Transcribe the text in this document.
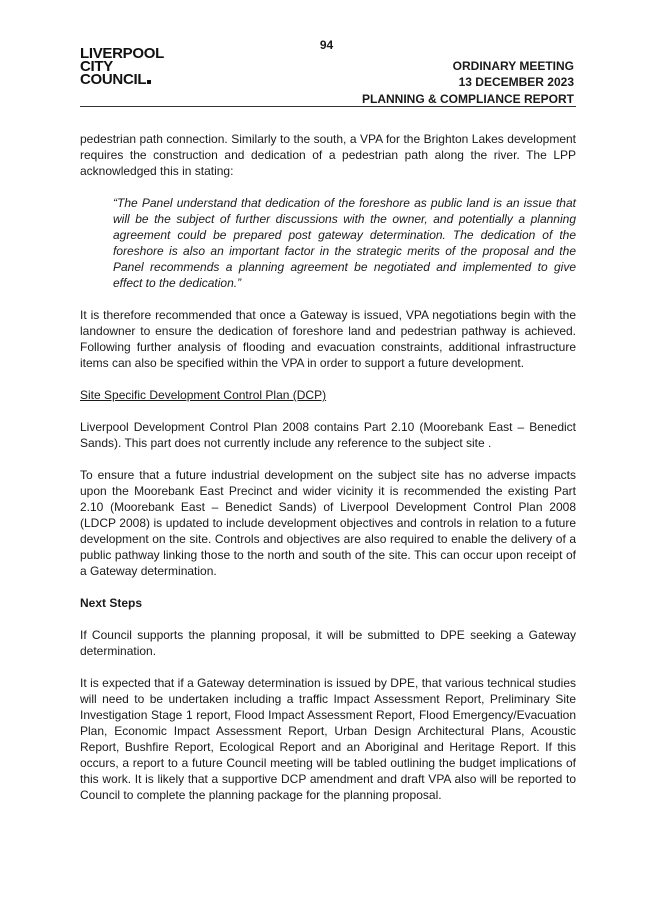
94
LIVERPOOL
CITY
COUNCIL
ORDINARY MEETING
13 DECEMBER 2023
PLANNING & COMPLIANCE REPORT

pedestrian path connection. Similarly to the south, a VPA for the Brighton Lakes development requires the construction and dedication of a pedestrian path along the river. The LPP acknowledged this in stating:

“The Panel understand that dedication of the foreshore as public land is an issue that will be the subject of further discussions with the owner, and potentially a planning agreement could be prepared post gateway determination. The dedication of the foreshore is also an important factor in the strategic merits of the proposal and the Panel recommends a planning agreement be negotiated and implemented to give effect to the dedication.”

It is therefore recommended that once a Gateway is issued, VPA negotiations begin with the landowner to ensure the dedication of foreshore land and pedestrian pathway is achieved. Following further analysis of flooding and evacuation constraints, additional infrastructure items can also be specified within the VPA in order to support a future development.

Site Specific Development Control Plan (DCP)

Liverpool Development Control Plan 2008 contains Part 2.10 (Moorebank East – Benedict Sands). This part does not currently include any reference to the subject site .

To ensure that a future industrial development on the subject site has no adverse impacts upon the Moorebank East Precinct and wider vicinity it is recommended the existing Part 2.10 (Moorebank East – Benedict Sands) of Liverpool Development Control Plan 2008 (LDCP 2008) is updated to include development objectives and controls in relation to a future development on the site. Controls and objectives are also required to enable the delivery of a public pathway linking those to the north and south of the site. This can occur upon receipt of a Gateway determination.

Next Steps

If Council supports the planning proposal, it will be submitted to DPE seeking a Gateway determination.

It is expected that if a Gateway determination is issued by DPE, that various technical studies will need to be undertaken including a traffic Impact Assessment Report, Preliminary Site Investigation Stage 1 report, Flood Impact Assessment Report, Flood Emergency/Evacuation Plan, Economic Impact Assessment Report, Urban Design Architectural Plans, Acoustic Report, Bushfire Report, Ecological Report and an Aboriginal and Heritage Report. If this occurs, a report to a future Council meeting will be tabled outlining the budget implications of this work. It is likely that a supportive DCP amendment and draft VPA also will be reported to Council to complete the planning package for the planning proposal.
